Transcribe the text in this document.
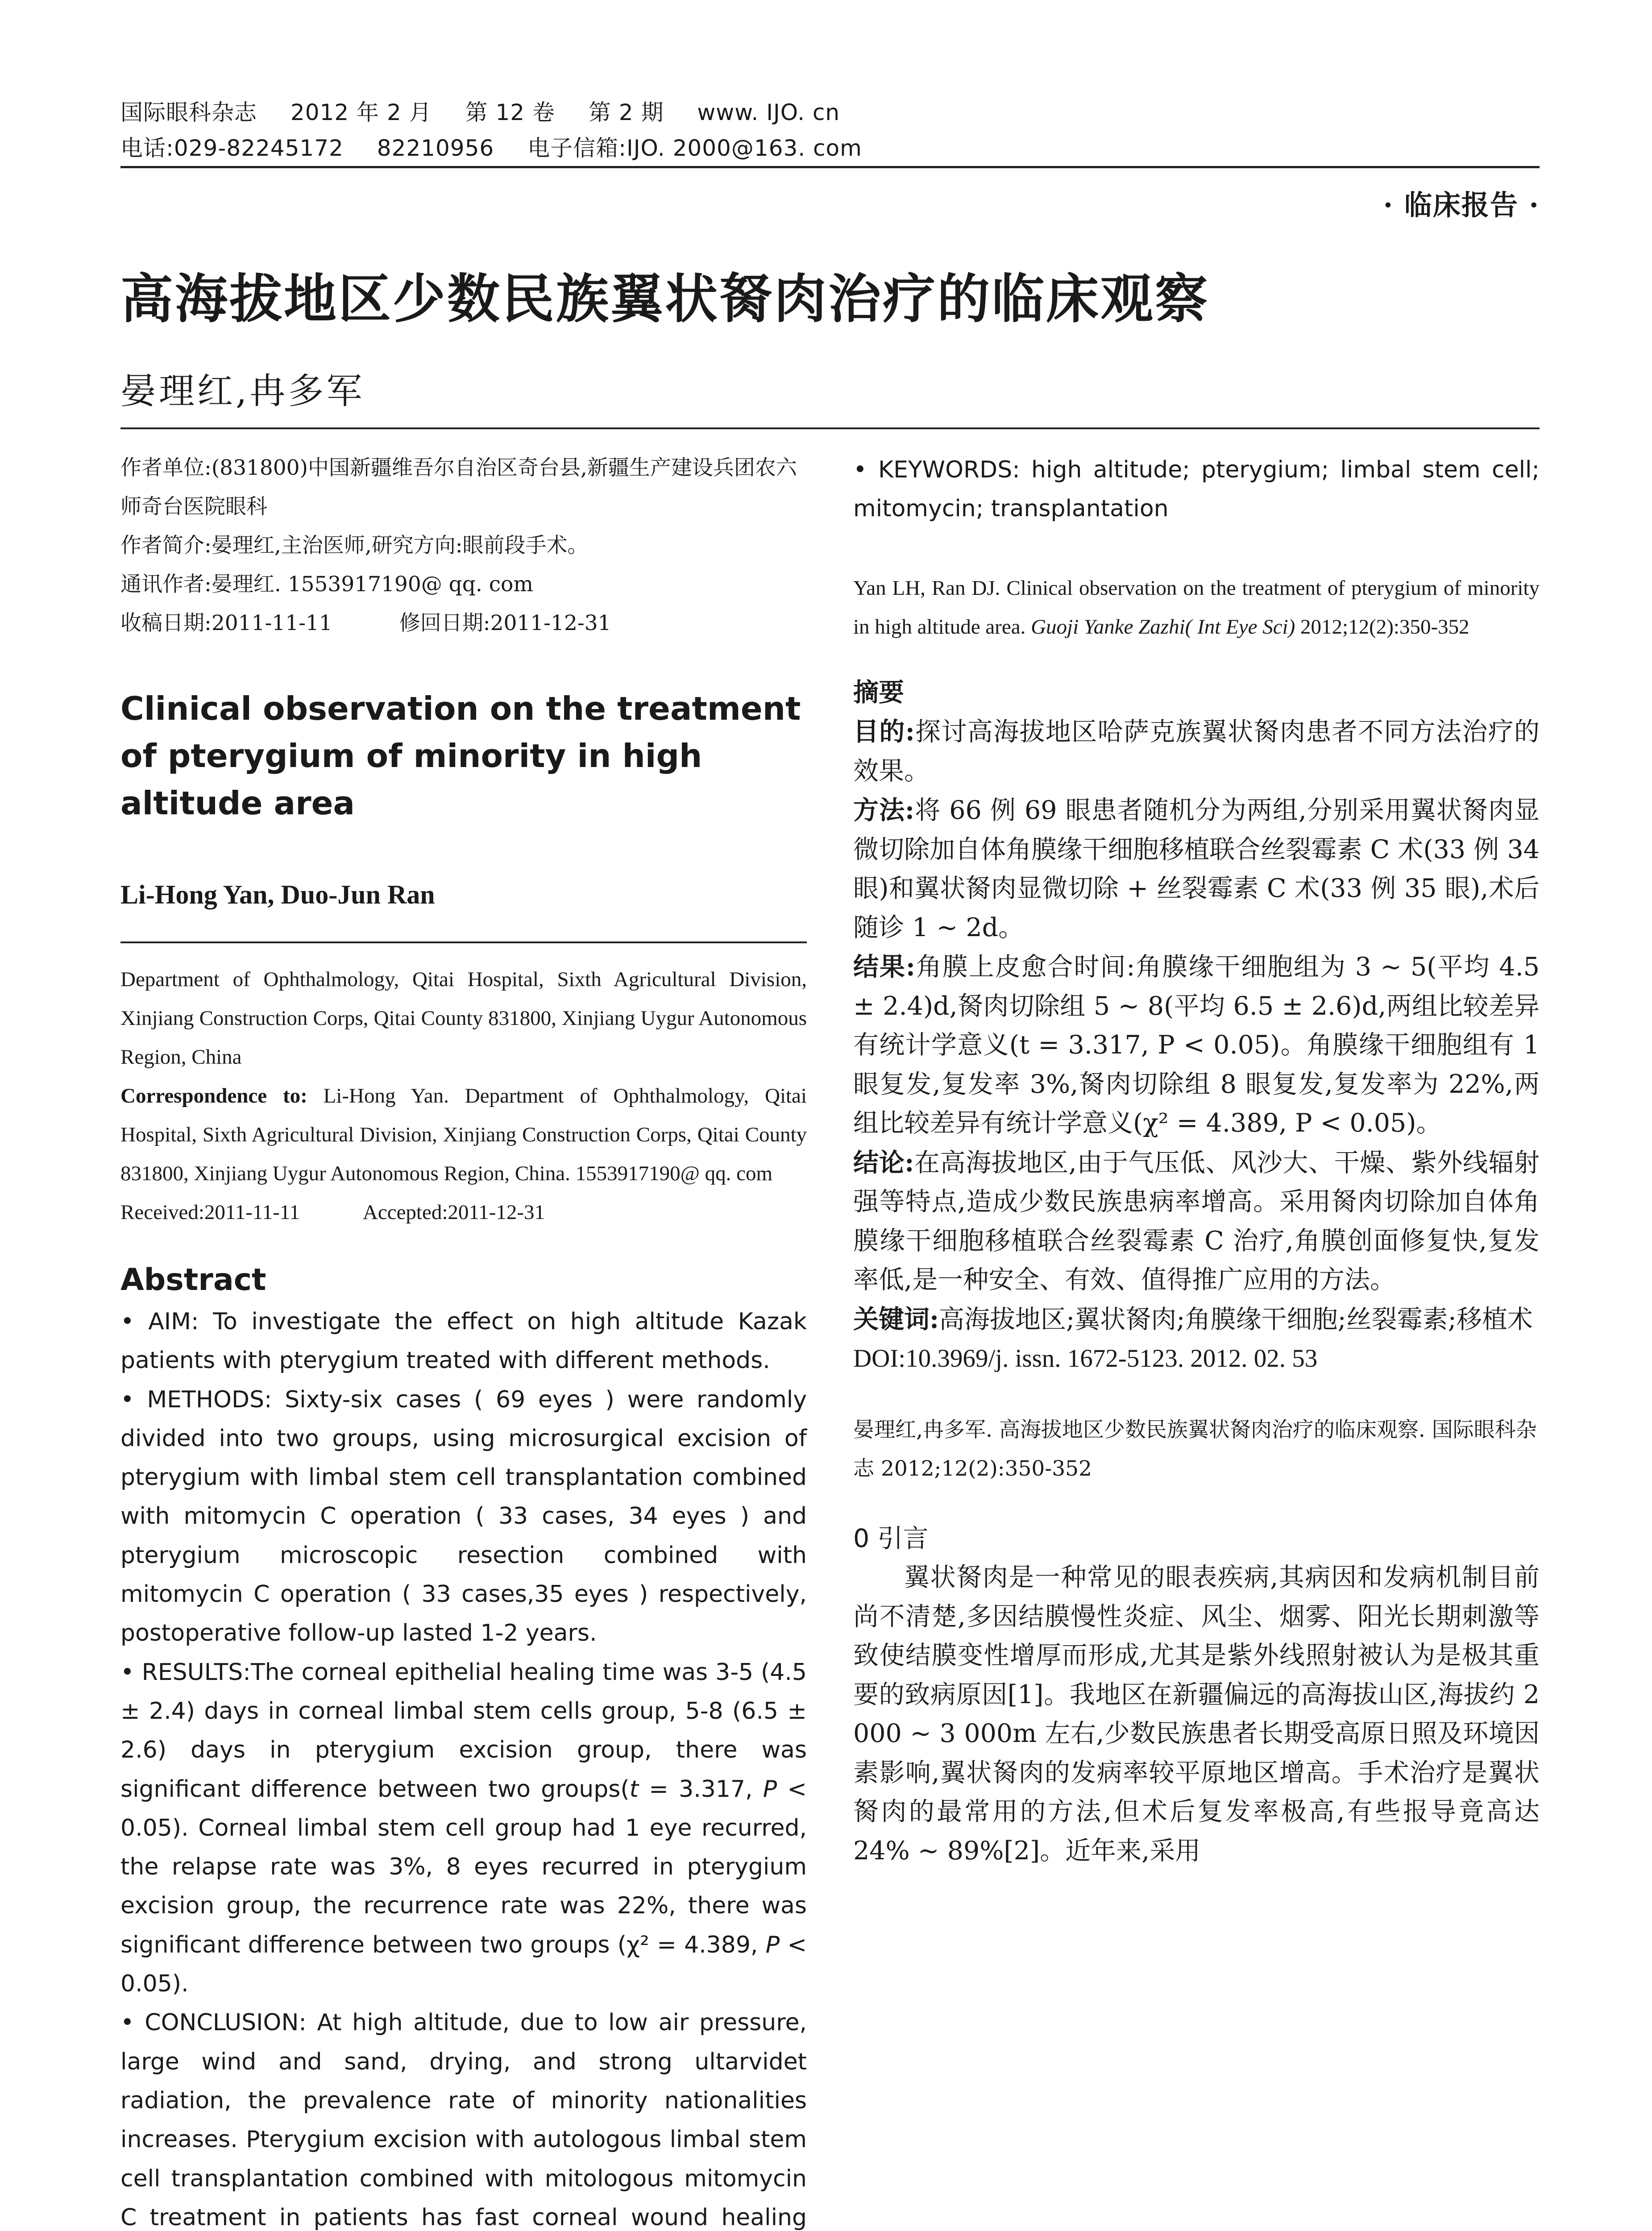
国际眼科杂志 2012 年 2 月 第 12 卷 第 2 期 www. IJO. cn
电话:029-82245172 82210956 电子信箱:IJO. 2000@163. com
· 临床报告 ·
高海拔地区少数民族翼状胬肉治疗的临床观察
晏理红,冉多军

作者单位:(831800)中国新疆维吾尔自治区奇台县,新疆生产建设兵团农六师奇台医院眼科

作者简介:晏理红,主治医师,研究方向:眼前段手术。

通讯作者:晏理红. 1553917190@ qq. com

收稿日期:2011-11-11	修回日期:2011-12-31

Clinical observation on the treatment of pterygium of minority in high altitude area

Li-Hong Yan, Duo-Jun Ran

Department of Ophthalmology, Qitai Hospital, Sixth Agricultural Division, Xinjiang Construction Corps, Qitai County 831800, Xinjiang Uygur Autonomous Region, China

Correspondence to: Li-Hong Yan. Department of Ophthalmology, Qitai Hospital, Sixth Agricultural Division, Xinjiang Construction Corps, Qitai County 831800, Xinjiang Uygur Autonomous Region, China. 1553917190@ qq. com

Received:2011-11-11	Accepted:2011-12-31

Abstract

• AIM: To investigate the effect on high altitude Kazak patients with pterygium treated with different methods.

• METHODS: Sixty-six cases ( 69 eyes ) were randomly divided into two groups, using microsurgical excision of pterygium with limbal stem cell transplantation combined with mitomycin C operation ( 33 cases, 34 eyes ) and pterygium microscopic resection combined with mitomycin C operation ( 33 cases,35 eyes ) respectively, postoperative follow-up lasted 1-2 years.

• RESULTS:The corneal epithelial healing time was 3-5 (4.5 ± 2.4) days in corneal limbal stem cells group, 5-8 (6.5 ± 2.6) days in pterygium excision group, there was significant difference between two groups(t = 3.317, P < 0.05). Corneal limbal stem cell group had 1 eye recurred, the relapse rate was 3%, 8 eyes recurred in pterygium excision group, the recurrence rate was 22%, there was significant difference between two groups (χ² = 4.389, P < 0.05).

• CONCLUSION: At high altitude, due to low air pressure, large wind and sand, drying, and strong ultarvidet radiation, the prevalence rate of minority nationalities increases. Pterygium excision with autologous limbal stem cell transplantation combined with mitologous mitomycin C treatment in patients has fast corneal wound healing

• KEYWORDS: high altitude; pterygium; limbal stem cell; mitomycin; transplantation

Yan LH, Ran DJ. Clinical observation on the treatment of pterygium of minority in high altitude area. Guoji Yanke Zazhi( Int Eye Sci) 2012;12(2):350-352

摘要

目的:探讨高海拔地区哈萨克族翼状胬肉患者不同方法治疗的效果。

方法:将 66 例 69 眼患者随机分为两组,分别采用翼状胬肉显微切除加自体角膜缘干细胞移植联合丝裂霉素 C 术(33 例 34 眼)和翼状胬肉显微切除 + 丝裂霉素 C 术(33 例 35 眼),术后随诊 1 ~ 2d。

结果:角膜上皮愈合时间:角膜缘干细胞组为 3 ~ 5(平均 4.5 ± 2.4)d,胬肉切除组 5 ~ 8(平均 6.5 ± 2.6)d,两组比较差异有统计学意义(t = 3.317, P < 0.05)。角膜缘干细胞组有 1 眼复发,复发率 3%,胬肉切除组 8 眼复发,复发率为 22%,两组比较差异有统计学意义(χ² = 4.389, P < 0.05)。

结论:在高海拔地区,由于气压低、风沙大、干燥、紫外线辐射强等特点,造成少数民族患病率增高。采用胬肉切除加自体角膜缘干细胞移植联合丝裂霉素 C 治疗,角膜创面修复快,复发率低,是一种安全、有效、值得推广应用的方法。

关键词:高海拔地区;翼状胬肉;角膜缘干细胞;丝裂霉素;移植术

DOI:10.3969/j. issn. 1672-5123. 2012. 02. 53

晏理红,冉多军. 高海拔地区少数民族翼状胬肉治疗的临床观察. 国际眼科杂志 2012;12(2):350-352

0 引言

翼状胬肉是一种常见的眼表疾病,其病因和发病机制目前尚不清楚,多因结膜慢性炎症、风尘、烟雾、阳光长期刺激等致使结膜变性增厚而形成,尤其是紫外线照射被认为是极其重要的致病原因[1]。我地区在新疆偏远的高海拔山区,海拔约 2 000 ~ 3 000m 左右,少数民族患者长期受高原日照及环境因素影响,翼状胬肉的发病率较平原地区增高。手术治疗是翼状胬肉的最常用的方法,但术后复发率极高,有些报导竟高达 24% ~ 89%[2]。近年来,采用
